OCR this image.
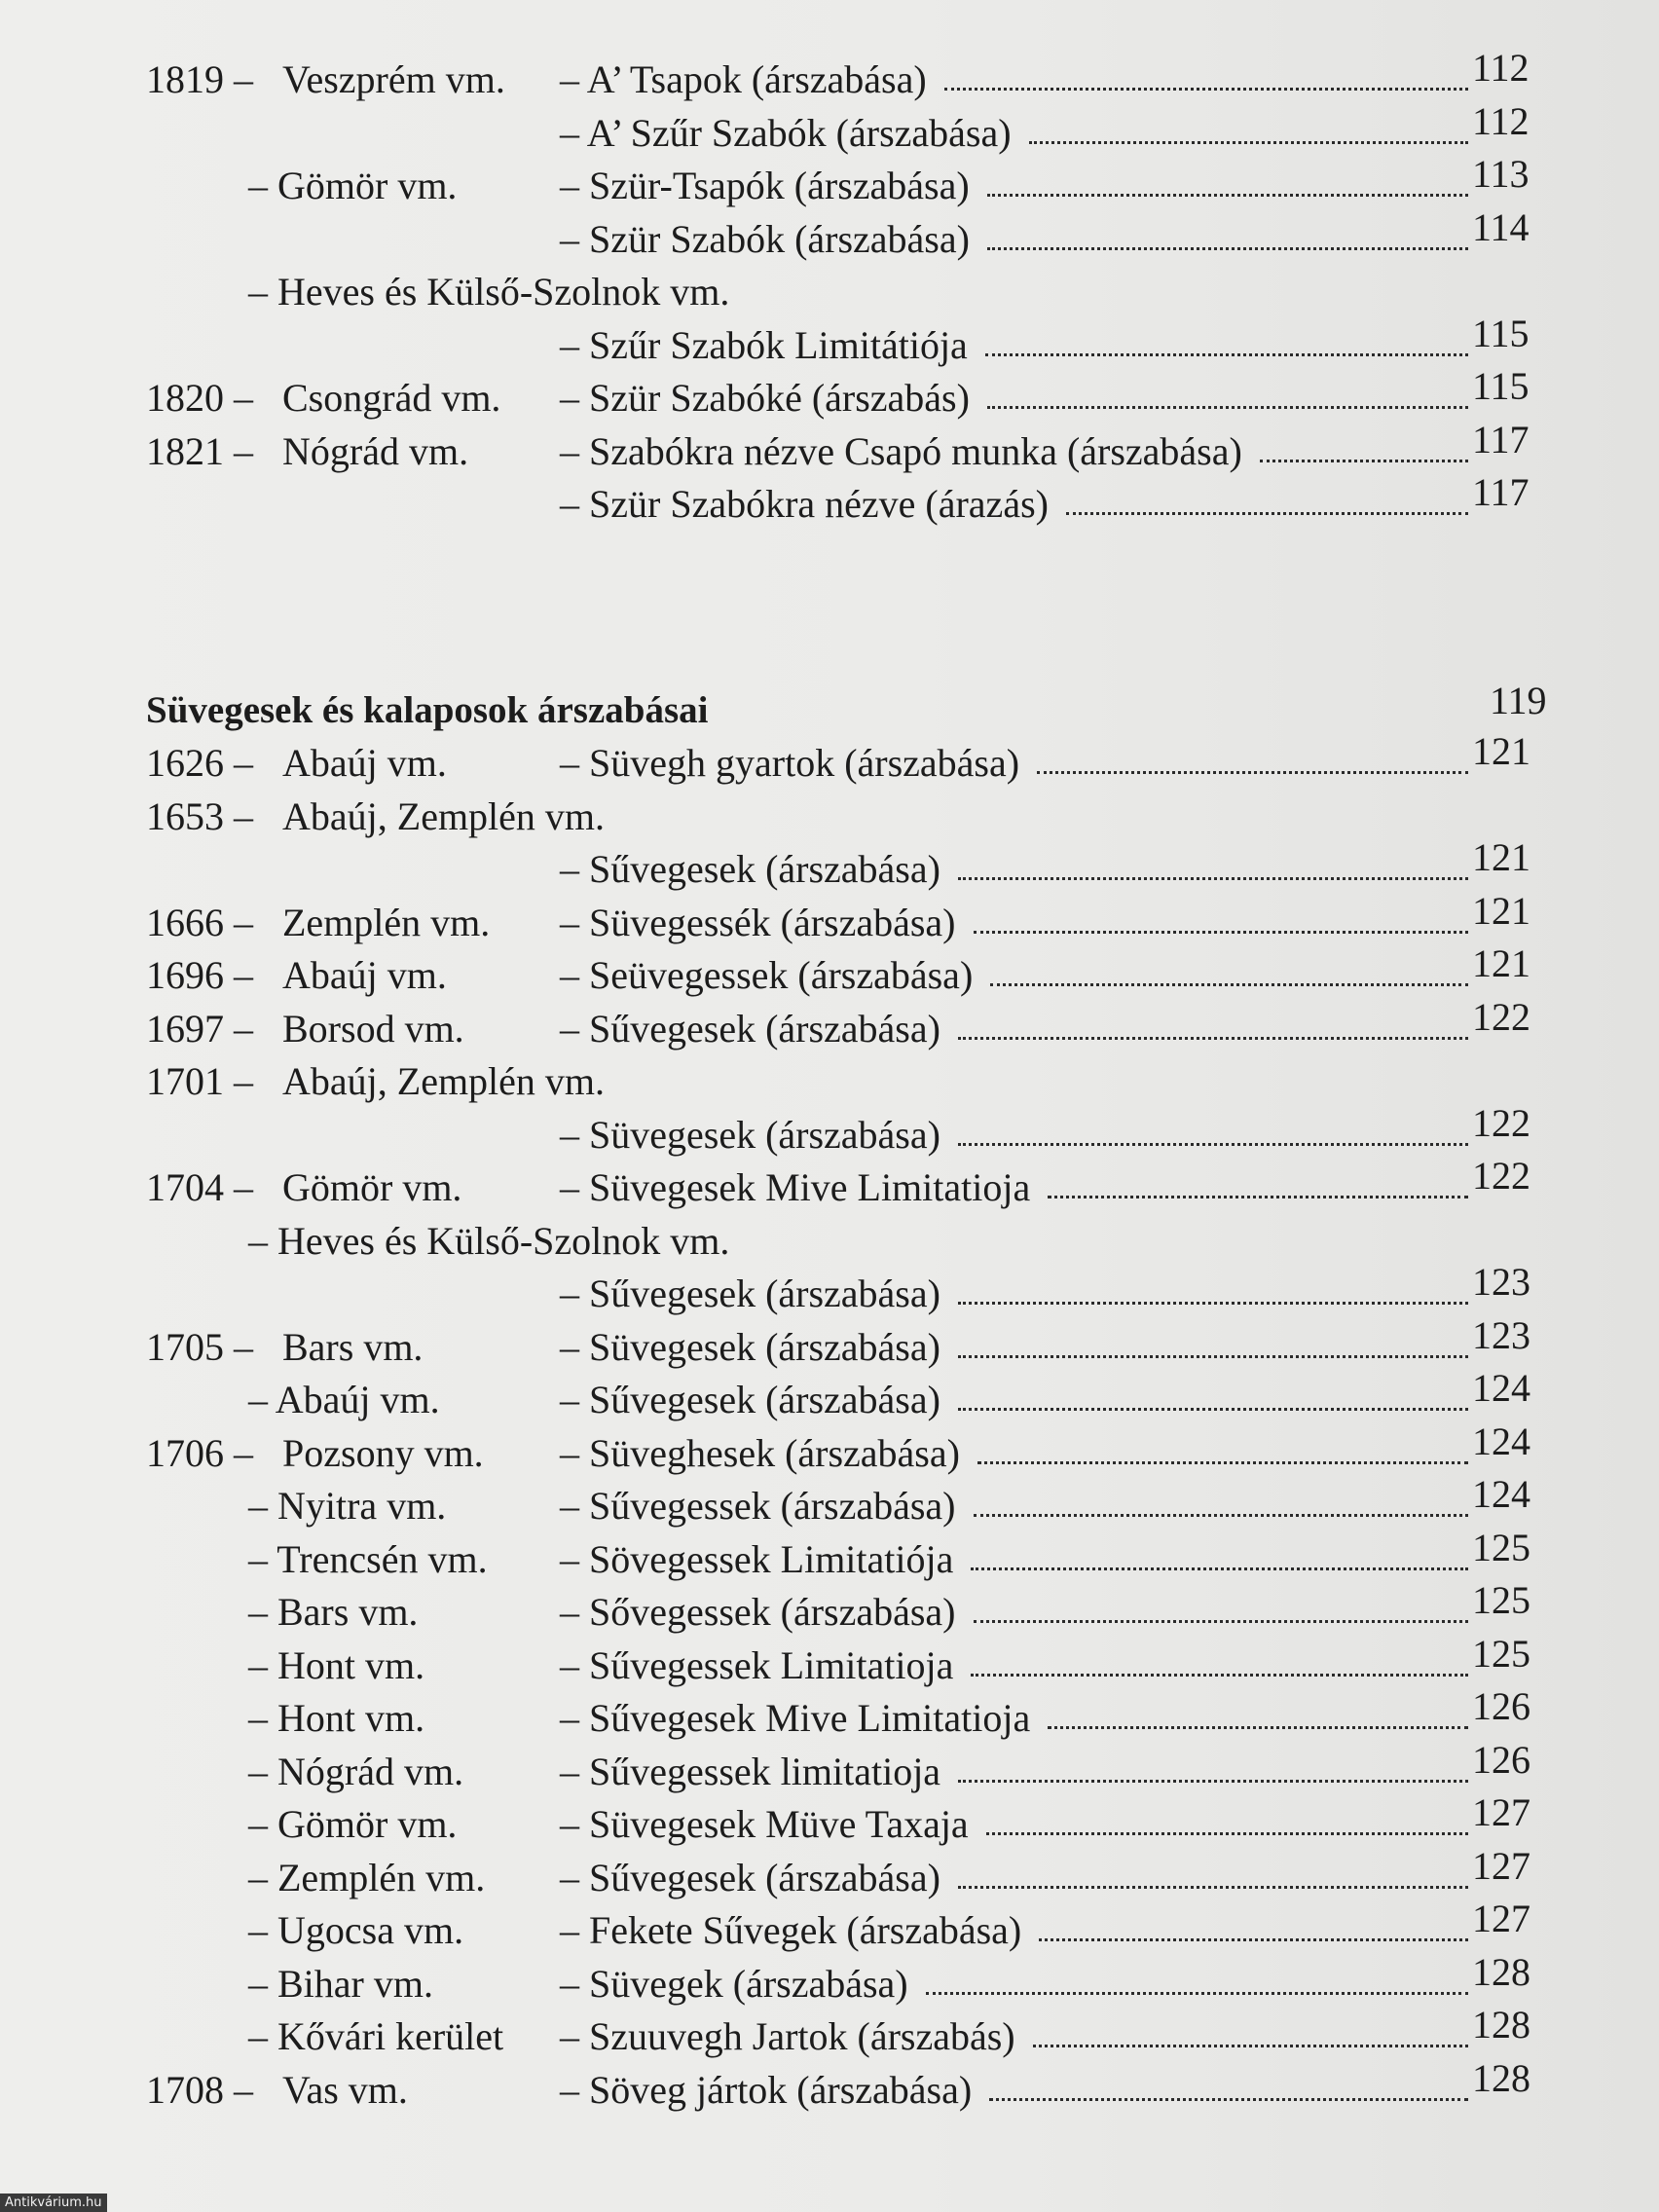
1819 – Veszprém vm. – A’ Tsapok (árszabása)	112
– A’ Szűr Szabók (árszabása)	112
– Gömör vm.	– Szür-Tsapók (árszabása)	113
– Szür Szabók (árszabása)	114
– Heves és Külső-Szolnok vm.
– Szűr Szabók Limitátiója	115
1820 – Csongrád vm. – Szür Szabóké (árszabás)	115
1821 – Nógrád vm. – Szabókra nézve Csapó munka (árszabása)	117
– Szür Szabókra nézve (árazás)	117
Süvegesek és kalaposok árszabásai	119
1626 – Abaúj vm.	– Süvegh gyartok (árszabása)	121
1653 – Abaúj, Zemplén vm.
– Sűvegesek (árszabása)	121
1666 – Zemplén vm. – Süvegessék (árszabása)	121
1696 – Abaúj vm.	– Seüvegessek (árszabása)	121
1697 – Borsod vm. – Sűvegesek (árszabása)	122
1701 – Abaúj, Zemplén vm.
– Süvegesek (árszabása)	122
1704 – Gömör vm.	– Süvegesek Mive Limitatioja	122
– Heves és Külső-Szolnok vm.
– Sűvegesek (árszabása)	123
1705 – Bars vm.	– Süvegesek (árszabása)	123
– Abaúj vm.	– Sűvegesek (árszabása)	124
1706 – Pozsony vm. – Süveghesek (árszabása)	124
– Nyitra vm.	– Sűvegessek (árszabása)	124
– Trencsén vm. – Sövegessek Limitatiója	125
– Bars vm.	– Sővegessek (árszabása)	125
– Hont vm.	– Sűvegessek Limitatioja	125
– Hont vm.	– Sűvegesek Mive Limitatioja	126
– Nógrád vm. – Sűvegessek limitatioja	126
– Gömör vm.	– Süvegesek Müve Taxaja	127
– Zemplén vm. – Sűvegesek (árszabása)	127
– Ugocsa vm. – Fekete Sűvegek (árszabása)	127
– Bihar vm.	– Süvegek (árszabása)	128
– Kővári kerület – Szuuvegh Jartok (árszabás)	128
1708 – Vas vm.	– Söveg jártok (árszabása)	128
Antikvárium.hu
